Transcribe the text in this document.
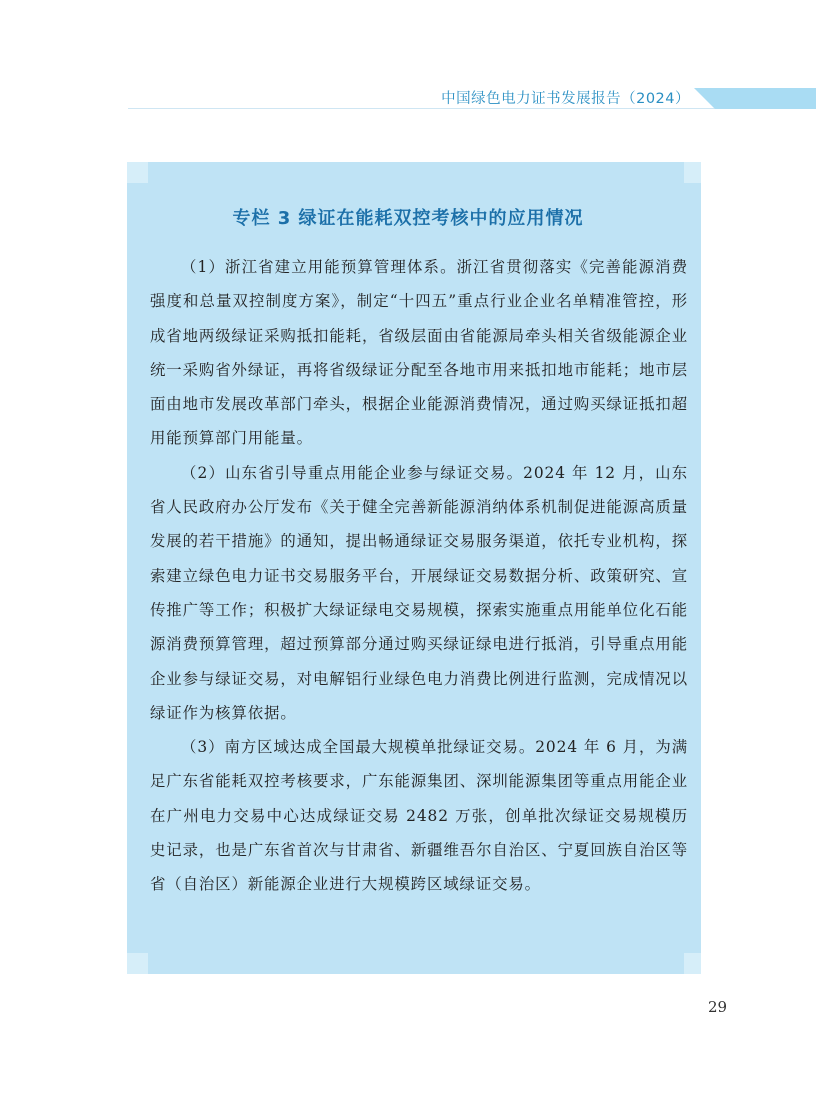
中国绿色电力证书发展报告（2024）
专栏 3 绿证在能耗双控考核中的应用情况

（1）浙江省建立用能预算管理体系。浙江省贯彻落实《完善能源消费强度和总量双控制度方案》，制定“十四五”重点行业企业名单精准管控，形成省地两级绿证采购抵扣能耗，省级层面由省能源局牵头相关省级能源企业统一采购省外绿证，再将省级绿证分配至各地市用来抵扣地市能耗；地市层面由地市发展改革部门牵头，根据企业能源消费情况，通过购买绿证抵扣超用能预算部门用能量。

（2）山东省引导重点用能企业参与绿证交易。2024 年 12 月，山东省人民政府办公厅发布《关于健全完善新能源消纳体系机制促进能源高质量发展的若干措施》的通知，提出畅通绿证交易服务渠道，依托专业机构，探索建立绿色电力证书交易服务平台，开展绿证交易数据分析、政策研究、宣传推广等工作；积极扩大绿证绿电交易规模，探索实施重点用能单位化石能源消费预算管理，超过预算部分通过购买绿证绿电进行抵消，引导重点用能企业参与绿证交易，对电解铝行业绿色电力消费比例进行监测，完成情况以绿证作为核算依据。

（3）南方区域达成全国最大规模单批绿证交易。2024 年 6 月，为满足广东省能耗双控考核要求，广东能源集团、深圳能源集团等重点用能企业在广州电力交易中心达成绿证交易 2482 万张，创单批次绿证交易规模历史记录，也是广东省首次与甘肃省、新疆维吾尔自治区、宁夏回族自治区等省（自治区）新能源企业进行大规模跨区域绿证交易。

29
